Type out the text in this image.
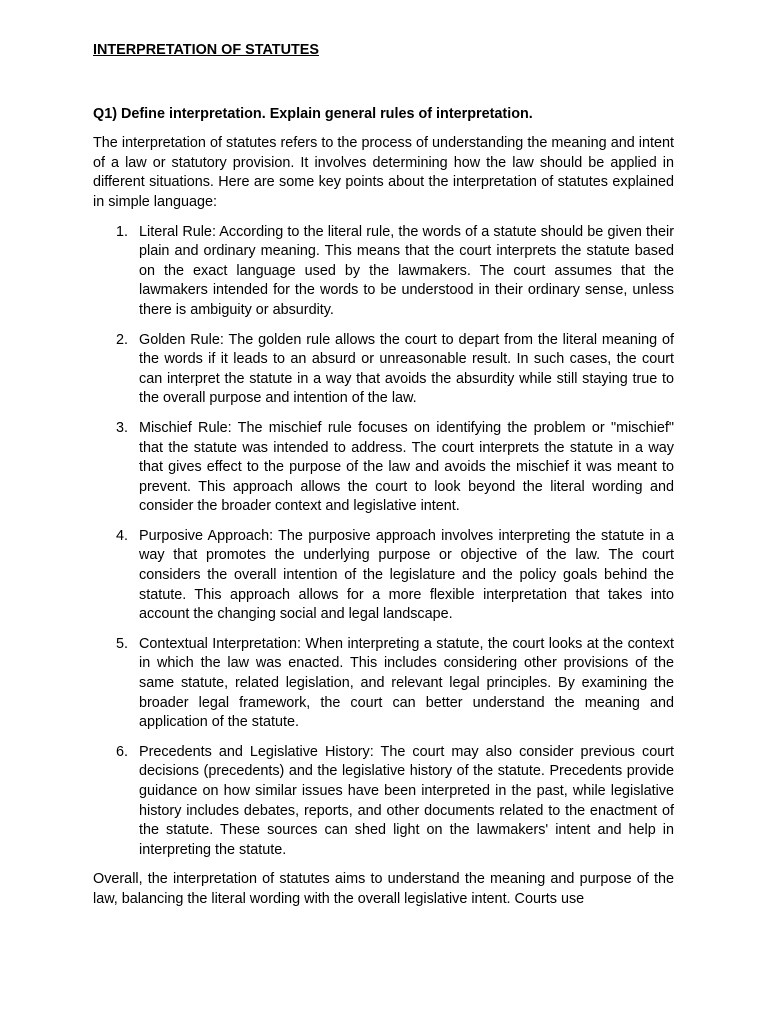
INTERPRETATION OF STATUTES

Q1) Define interpretation. Explain general rules of interpretation.

The interpretation of statutes refers to the process of understanding the meaning and intent of a law or statutory provision. It involves determining how the law should be applied in different situations. Here are some key points about the interpretation of statutes explained in simple language:

1. Literal Rule: According to the literal rule, the words of a statute should be given their plain and ordinary meaning. This means that the court interprets the statute based on the exact language used by the lawmakers. The court assumes that the lawmakers intended for the words to be understood in their ordinary sense, unless there is ambiguity or absurdity.
2. Golden Rule: The golden rule allows the court to depart from the literal meaning of the words if it leads to an absurd or unreasonable result. In such cases, the court can interpret the statute in a way that avoids the absurdity while still staying true to the overall purpose and intention of the law.
3. Mischief Rule: The mischief rule focuses on identifying the problem or "mischief" that the statute was intended to address. The court interprets the statute in a way that gives effect to the purpose of the law and avoids the mischief it was meant to prevent. This approach allows the court to look beyond the literal wording and consider the broader context and legislative intent.
4. Purposive Approach: The purposive approach involves interpreting the statute in a way that promotes the underlying purpose or objective of the law. The court considers the overall intention of the legislature and the policy goals behind the statute. This approach allows for a more flexible interpretation that takes into account the changing social and legal landscape.
5. Contextual Interpretation: When interpreting a statute, the court looks at the context in which the law was enacted. This includes considering other provisions of the same statute, related legislation, and relevant legal principles. By examining the broader legal framework, the court can better understand the meaning and application of the statute.
6. Precedents and Legislative History: The court may also consider previous court decisions (precedents) and the legislative history of the statute. Precedents provide guidance on how similar issues have been interpreted in the past, while legislative history includes debates, reports, and other documents related to the enactment of the statute. These sources can shed light on the lawmakers' intent and help in interpreting the statute.

Overall, the interpretation of statutes aims to understand the meaning and purpose of the law, balancing the literal wording with the overall legislative intent. Courts use
